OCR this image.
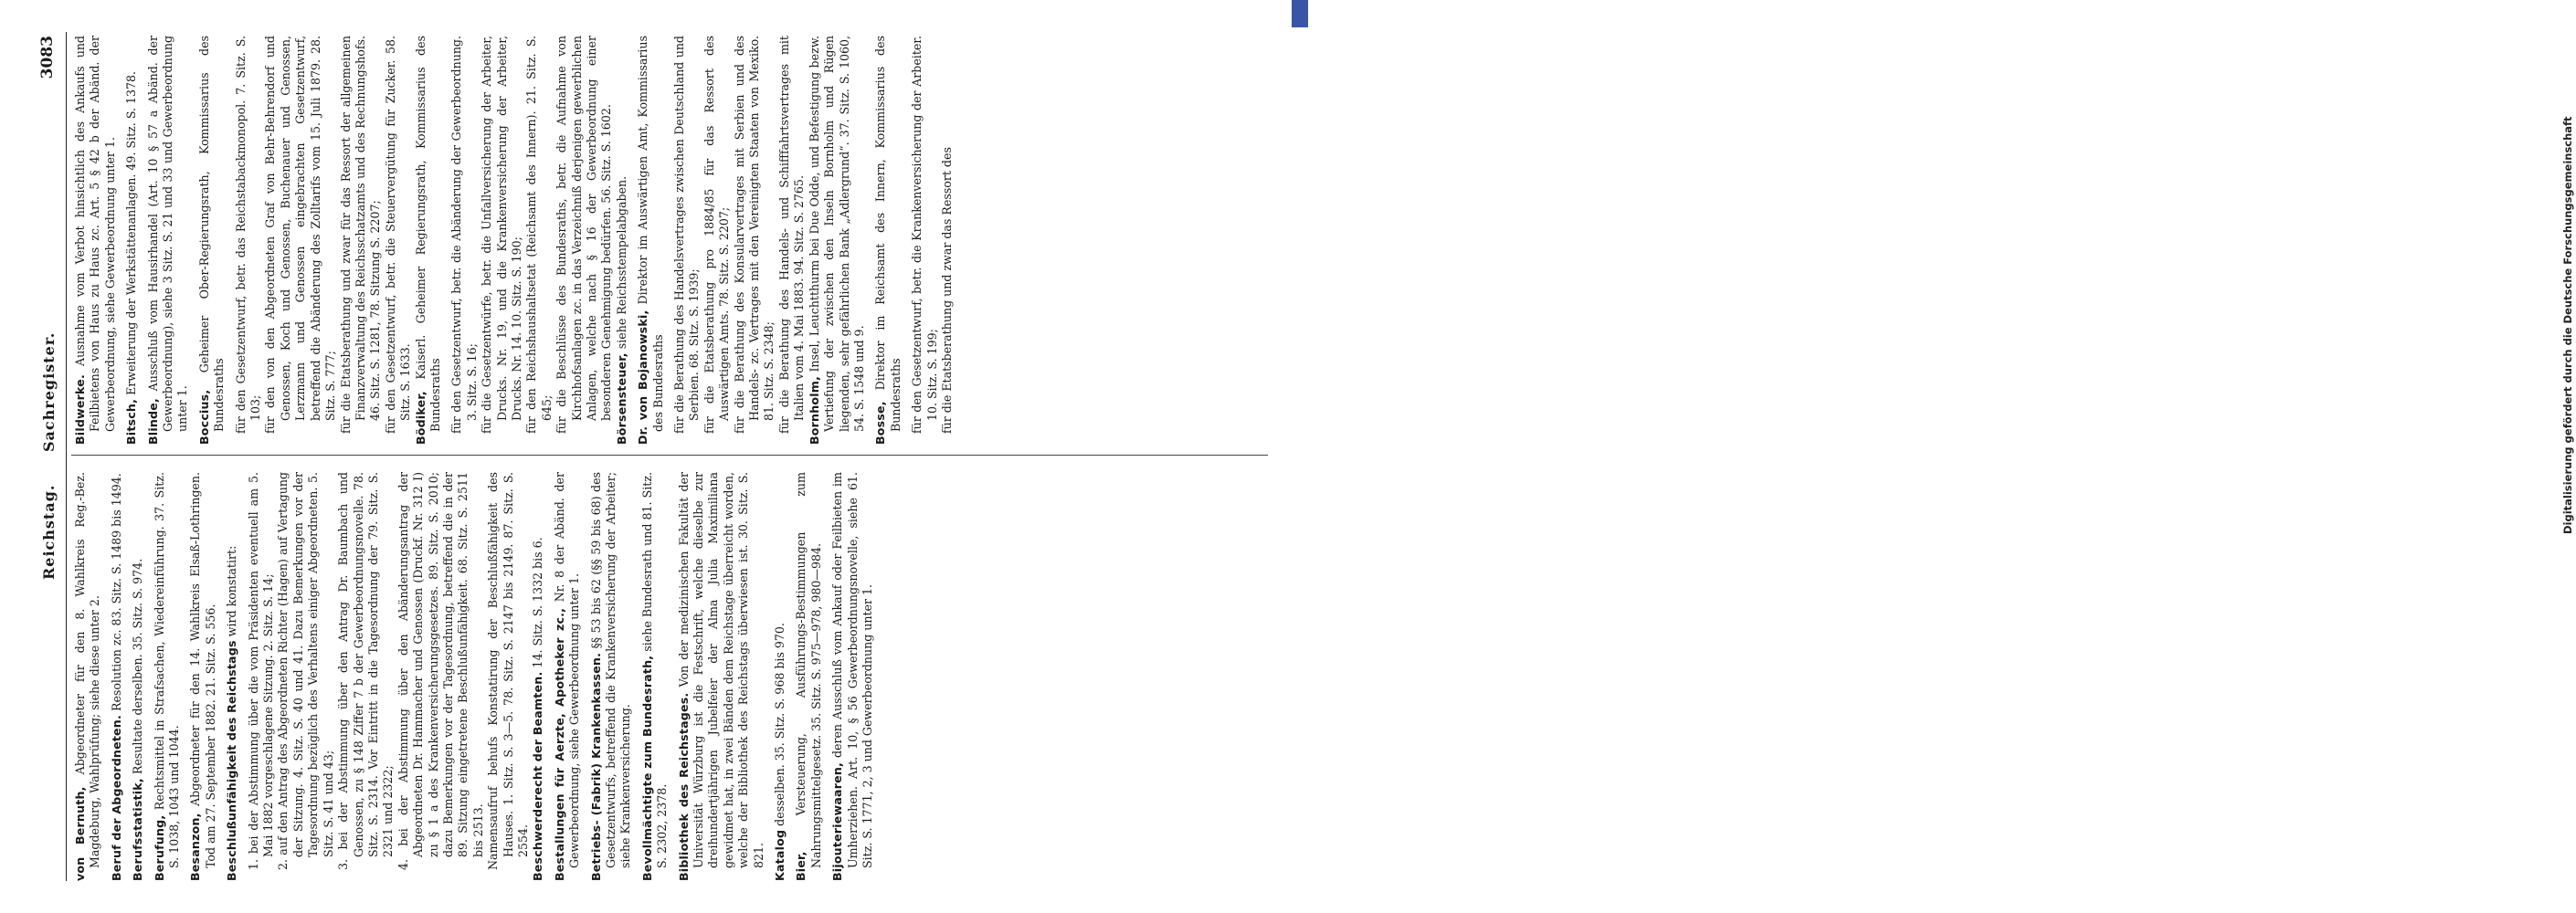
Reichstag.
Sachregister.
3083

von Bernuth, Abgeordneter für den 8. Wahlkreis Reg.-Bez. Magdeburg, Wahlprüfung; siehe diese unter 2. Beruf der Abgeordneten. Resolution zc. 83. Sitz. S. 1489 bis 1494.

Berufsstatistik, Resultate derselben. 35. Sitz. S. 974.

Berufung, Rechtsmittel in Strafsachen, Wiedereinführung. 37. Sitz. S. 1038, 1043 und 1044. Besanzon, Abgeordneter für den 14. Wahlkreis Elsaß-Lothringen. Tod am 27. September 1882. 21. Sitz. S. 556. Beschlußunfähigkeit des Reichstags wird konstatirt: 1. bei der Abstimmung über die vom Präsidenten eventuell am 5. Mai 1882 vorgeschlagene Sitzung. 2. Sitz. S. 14; 2. auf den Antrag des Abgeordneten Richter (Hagen) auf Vertagung der Sitzung. 4. Sitz. S. 40 und 41. Dazu Bemerkungen vor der Tagesordnung bezüglich des Verhaltens einiger Abgeordneten. 5. Sitz. S. 41 und 43; 3. bei der Abstimmung über den Antrag Dr. Baumbach und Genossen, zu § 148 Ziffer 7 b der Gewerbeordnungsnovelle. 78. Sitz. S. 2314. Vor Eintritt in die Tagesordnung der 79. Sitz. S. 2321 und 2322; 4. bei der Abstimmung über den Abänderungsantrag der Abgeordneten Dr. Hammacher und Genossen (Druckf. Nr. 312 I) zu § 1 a des Krankenversicherungsgesetzes. 89. Sitz. S. 2010; dazu Bemerkungen vor der Tagesordnung, betreffend die in der 89. Sitzung eingetretene Beschlußunfähigkeit. 68. Sitz. S. 2511 bis 2513. Namensaufruf behufs Konstatirung der Beschlußfähigkeit des Hauses. 1. Sitz. S. 3—5. 78. Sitz. S. 2147 bis 2149. 87. Sitz. S. 2554. Beschwerderecht der Beamten. 14. Sitz. S. 1332 bis 6.

Bestallungen für Aerzte, Apotheker zc., Nr. 8 der Abänd. der Gewerbeordnung, siehe Gewerbeordnung unter 1. Betriebs- (Fabrik) Krankenkassen. §§ 53 bis 62 (§§ 59 bis 68) des Gesetzentwurfs, betreffend die Krankenversicherung der Arbeiter; siehe Krankenversicherung. Bevollmächtigte zum Bundesrath, siehe Bundesrath und 81. Sitz. S. 2302, 2378. Bibliothek des Reichstages. Von der medizinischen Fakultät der Universität Würzburg ist die Festschrift, welche dieselbe zur dreihundertjährigen Jubelfeier der Alma Julia Maximiliana gewidmet hat, in zwei Bänden dem Reichstage überreicht worden, welche der Bibliothek des Reichstags überwiesen ist. 30. Sitz. S. 821. Katalog desselben. 35. Sitz. S. 968 bis 970.

Bier, Versteuerung, Ausführungs-Bestimmungen zum Nahrungsmittelgesetz. 35. Sitz. S. 975—978, 980—984. Bijouteriewaaren, deren Ausschluß vom Ankauf oder Feilbieten im Umherziehen. Art. 10, § 56 Gewerbeordnungsnovelle, siehe 61. Sitz. S. 1771, 2, 3 und Gewerbeordnung unter 1.

Bildwerke. Ausnahme vom Verbot hinsichtlich des Ankaufs und Feilbietens von Haus zu Haus zc. Art. 5 § 42 b der Abänd. der Gewerbeordnung, siehe Gewerbeordnung unter 1. Bitsch, Erweiterung der Werkstättenanlagen. 49. Sitz. S. 1378.

Blinde, Ausschluß vom Hausirhandel (Art. 10 § 57 a Abänd. der Gewerbeordnung), siehe 3 Sitz. S. 21 und 33 und Gewerbeordnung unter 1. Boccius, Geheimer Ober-Regierungsrath, Kommissarius des Bundesraths für den Gesetzentwurf, betr. das Reichstabackmonopol. 7. Sitz. S. 103; für den von den Abgeordneten Graf von Behr-Behrendorf und Genossen, Koch und Genossen, Buchenauer und Genossen, Lerzmann und Genossen eingebrachten Gesetzentwurf, betreffend die Abänderung des Zolltarifs vom 15. Juli 1879. 28. Sitz. S. 777; für die Etatsberathung und zwar für das Ressort der allgemeinen Finanzverwaltung des Reichsschatzamts und des Rechnungshofs. 46. Sitz. S. 1281, 78. Sitzung S. 2207; für den Gesetzentwurf, betr. die Steuervergütung für Zucker. 58. Sitz. S. 1633. Bödiker, Kaiserl. Geheimer Regierungsrath, Kommissarius des Bundesraths für den Gesetzentwurf, betr. die Abänderung der Gewerbeordnung. 3. Sitz. S. 16; für die Gesetzentwürfe, betr. die Unfallversicherung der Arbeiter, Drucks. Nr. 19, und die Krankenversicherung der Arbeiter, Drucks. Nr. 14. 10. Sitz. S. 190; für den Reichshaushaltsetat (Reichsamt des Innern). 21. Sitz. S. 645; für die Beschlüsse des Bundesraths, betr. die Aufnahme von Kirchhofsanlagen zc. in das Verzeichniß derjenigen gewerblichen Anlagen, welche nach § 16 der Gewerbeordnung einer besonderen Genehmigung bedürfen. 56. Sitz. S. 1602. Börsensteuer, siehe Reichsstempelabgaben.

Dr. von Bojanowski, Direktor im Auswärtigen Amt, Kommissarius des Bundesraths für die Berathung des Handelsvertrages zwischen Deutschland und Serbien. 68. Sitz. S. 1939; für die Etatsberathung pro 1884/85 für das Ressort des Auswärtigen Amts. 78. Sitz. S. 2207; für die Berathung des Konsularvertrages mit Serbien und des Handels- zc. Vertrages mit den Vereinigten Staaten von Mexiko. 81. Sitz. S. 2348; für die Berathung des Handels- und Schifffahrtsvertrages mit Italien vom 4. Mai 1883. 94. Sitz. S. 2765. Bornholm, Insel, Leuchtthurm bei Due Odde, und Befestigung bezw. Vertiefung der zwischen den Inseln Bornholm und Rügen liegenden, sehr gefährlichen Bank „Adlergrund“. 37. Sitz. S. 1060, 54. S. 1548 und 9. Bosse, Direktor im Reichsamt des Innern, Kommissarius des Bundesraths für den Gesetzentwurf, betr. die Krankenversicherung der Arbeiter. 10. Sitz. S. 199; für die Etatsberathung und zwar das Ressort des	Digitalisierung gefördert durch die Deutsche Forschungsgemeinschaft
